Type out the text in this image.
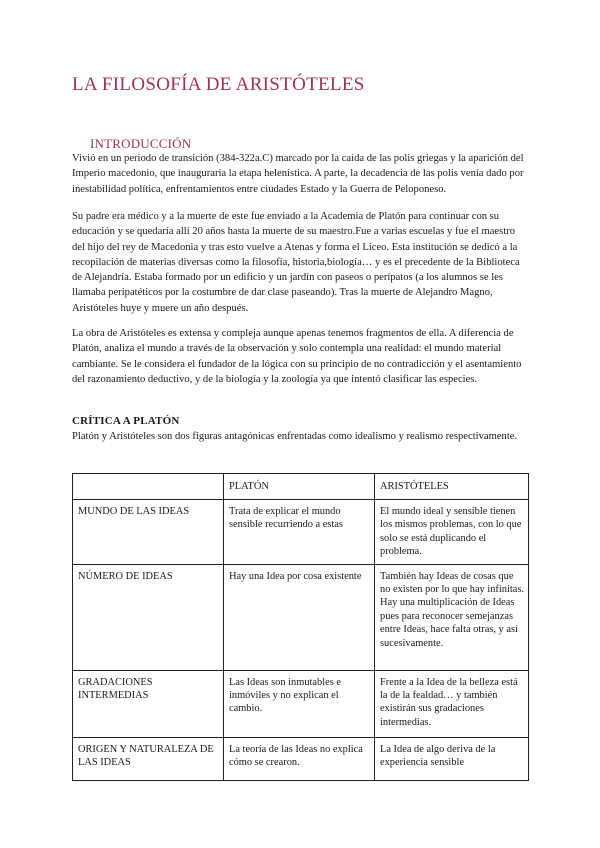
LA FILOSOFÍA DE ARISTÓTELES
INTRODUCCIÓN

Vivió en un periodo de transición (384-322a.C) marcado por la caída de las polis griegas y la aparición del Imperio macedonio, que inauguraría la etapa helenística. A parte, la decadencia de las polis venía dado por inestabilidad política, enfrentamientos entre ciudades Estado y la Guerra de Peloponeso.

Su padre era médico y a la muerte de este fue enviado a la Academia de Platón para continuar con su educación y se quedaría allí 20 años hasta la muerte de su maestro.Fue a varias escuelas y fue el maestro del hijo del rey de Macedonia y tras esto vuelve a Atenas y forma el Liceo. Esta institución se dedicó a la recopilación de materias diversas como la filosofía, historia,biología… y es el precedente de la Biblioteca de Alejandría. Estaba formado por un edificio y un jardín con paseos o perípatos (a los alumnos se les llamaba peripatéticos por la costumbre de dar clase paseando). Tras la muerte de Alejandro Magno, Aristóteles huye y muere un año después.

La obra de Aristóteles es extensa y compleja aunque apenas tenemos fragmentos de ella. A diferencia de Platón, analiza el mundo a través de la observación y solo contempla una realidad: el mundo material cambiante. Se le considera el fundador de la lógica con su principio de no contradicción y el asentamiento del razonamiento deductivo, y de la biología y la zoología ya que intentó clasificar las especies.

CRÍTICA A PLATÓN

Platón y Aristóteles son dos figuras antagónicas enfrentadas como idealismo y realismo respectivamente.

	PLATÓN	ARISTÓTELES
MUNDO DE LAS IDEAS	Trata de explicar el mundo sensible recurriendo a estas	El mundo ideal y sensible tienen los mismos problemas, con lo que solo se está duplicando el problema.
NÚMERO DE IDEAS	Hay una Idea por cosa existente	También hay Ideas de cosas que no existen por lo que hay infinitas. Hay una multiplicación de Ideas pues para reconocer semejanzas entre Ideas, hace falta otras, y así sucesivamente.
GRADACIONES INTERMEDIAS	Las Ideas son inmutables e inmóviles y no explican el cambio.	Frente a la Idea de la belleza está la de la fealdad… y también existirán sus gradaciones intermedias.
ORIGEN Y NATURALEZA DE LAS IDEAS	La teoría de las Ideas no explica cómo se crearon.	La Idea de algo deriva de la experiencia sensible
